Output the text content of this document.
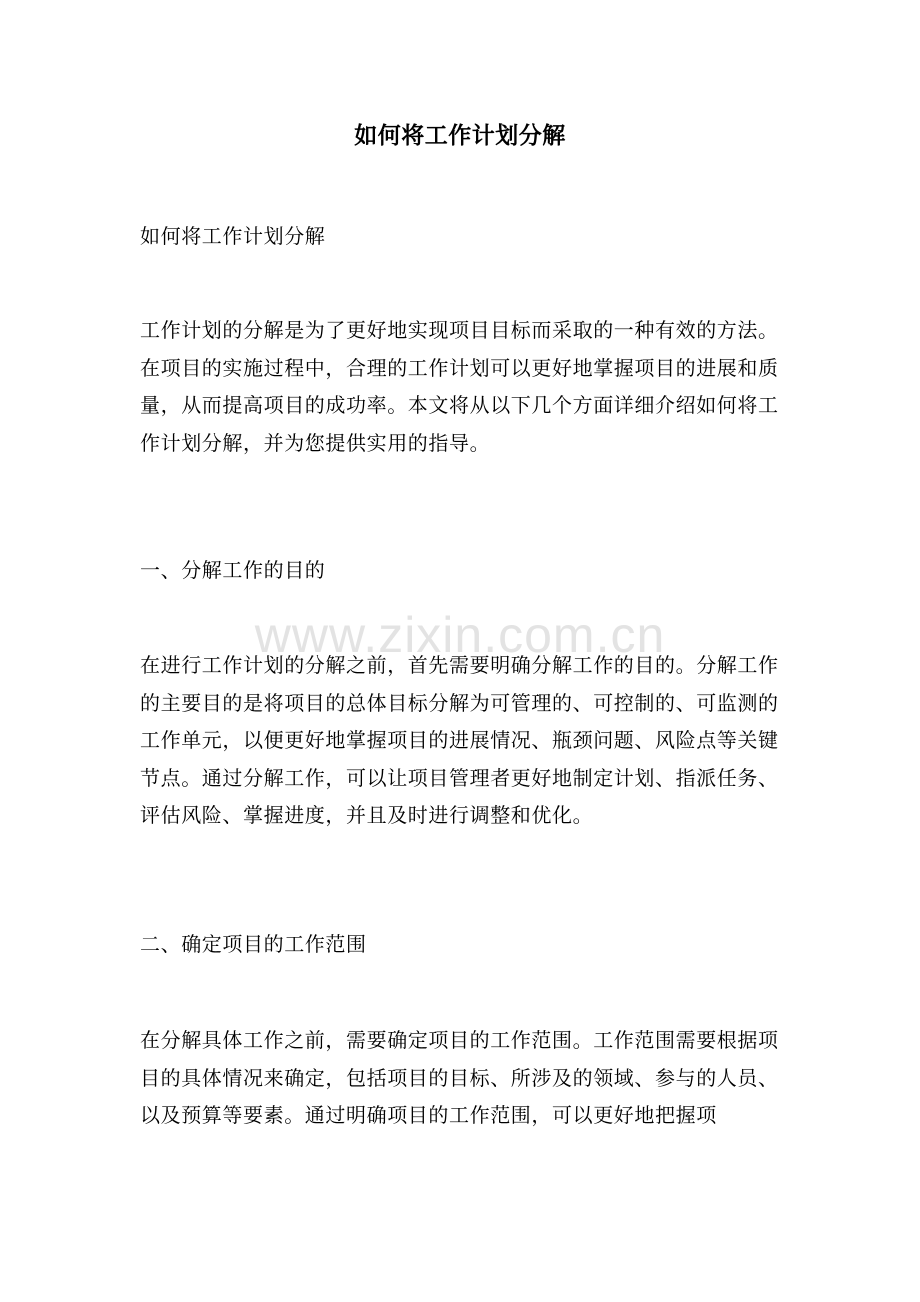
www.zixin.com.cn
如何将工作计划分解

如何将工作计划分解

工作计划的分解是为了更好地实现项目目标而采取的一种有效的方法。在项目的实施过程中，合理的工作计划可以更好地掌握项目的进展和质量，从而提高项目的成功率。本文将从以下几个方面详细介绍如何将工作计划分解，并为您提供实用的指导。

一、分解工作的目的

在进行工作计划的分解之前，首先需要明确分解工作的目的。分解工作的主要目的是将项目的总体目标分解为可管理的、可控制的、可监测的工作单元，以便更好地掌握项目的进展情况、瓶颈问题、风险点等关键节点。通过分解工作，可以让项目管理者更好地制定计划、指派任务、评估风险、掌握进度，并且及时进行调整和优化。

二、确定项目的工作范围

在分解具体工作之前，需要确定项目的工作范围。工作范围需要根据项目的具体情况来确定，包括项目的目标、所涉及的领域、参与的人员、以及预算等要素。通过明确项目的工作范围，可以更好地把握项
